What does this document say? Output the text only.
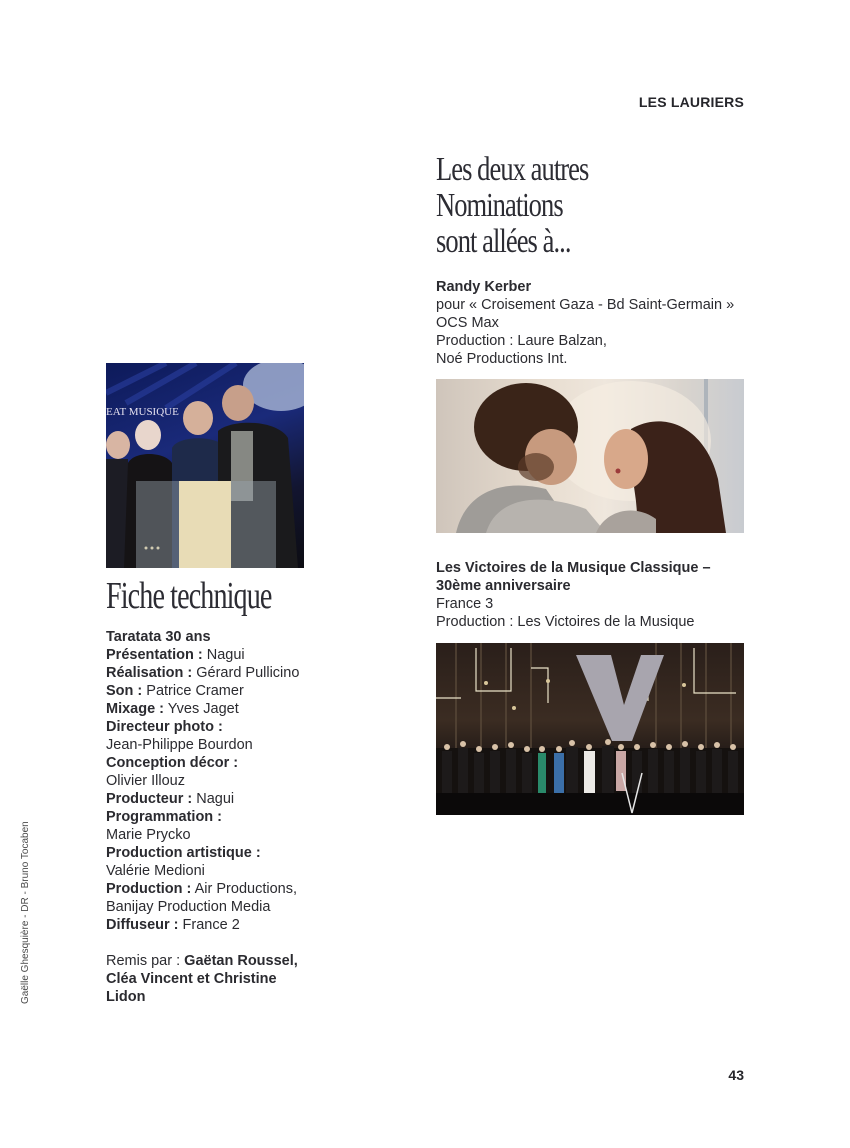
LES LAURIERS
Les deux autres
Nominations
sont allées à...
Randy Kerber
pour « Croisement Gaza - Bd Saint-Germain »
OCS Max
Production : Laure Balzan,
Noé Productions Int.
Les Victoires de la Musique Classique –
30ème anniversaire
France 3
Production : Les Victoires de la Musique
EAT MUSIQUE
Fiche technique
Taratata 30 ans
Présentation : Nagui
Réalisation : Gérard Pullicino
Son : Patrice Cramer
Mixage : Yves Jaget
Directeur photo :
Jean-Philippe Bourdon
Conception décor :
Olivier Illouz
Producteur : Nagui
Programmation :
Marie Prycko
Production artistique :
Valérie Medioni
Production : Air Productions,
Banijay Production Media
Diffuseur : France 2
Remis par : Gaëtan Roussel,
Cléa Vincent et Christine
Lidon
Gaëlle Ghesquière - DR - Bruno Tocaben
43
